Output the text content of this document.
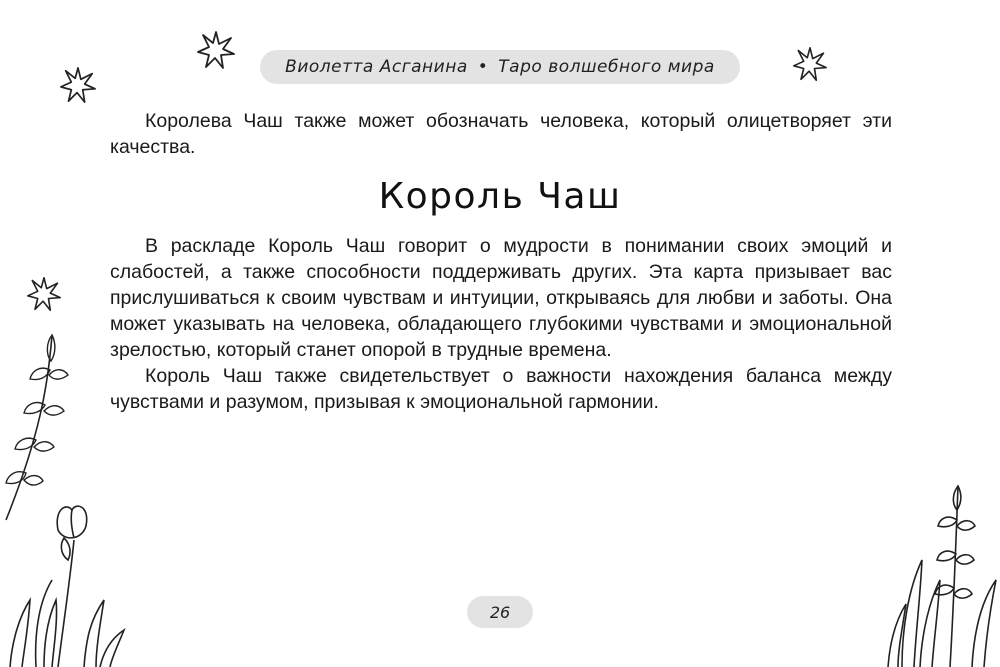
Виолетта Асганина • Таро волшебного мира

Королева Чаш также может обозначать человека, который олицетворяет эти качества.

Король Чаш

В раскладе Король Чаш говорит о мудрости в понимании своих эмоций и слабостей, а также способности поддерживать других. Эта карта призывает вас прислушиваться к своим чувствам и интуиции, открываясь для любви и заботы. Она может указывать на человека, обладающего глубокими чувствами и эмоциональной зрелостью, который станет опорой в трудные времена.

Король Чаш также свидетельствует о важности нахождения баланса между чувствами и разумом, призывая к эмоциональной гармонии.

26
